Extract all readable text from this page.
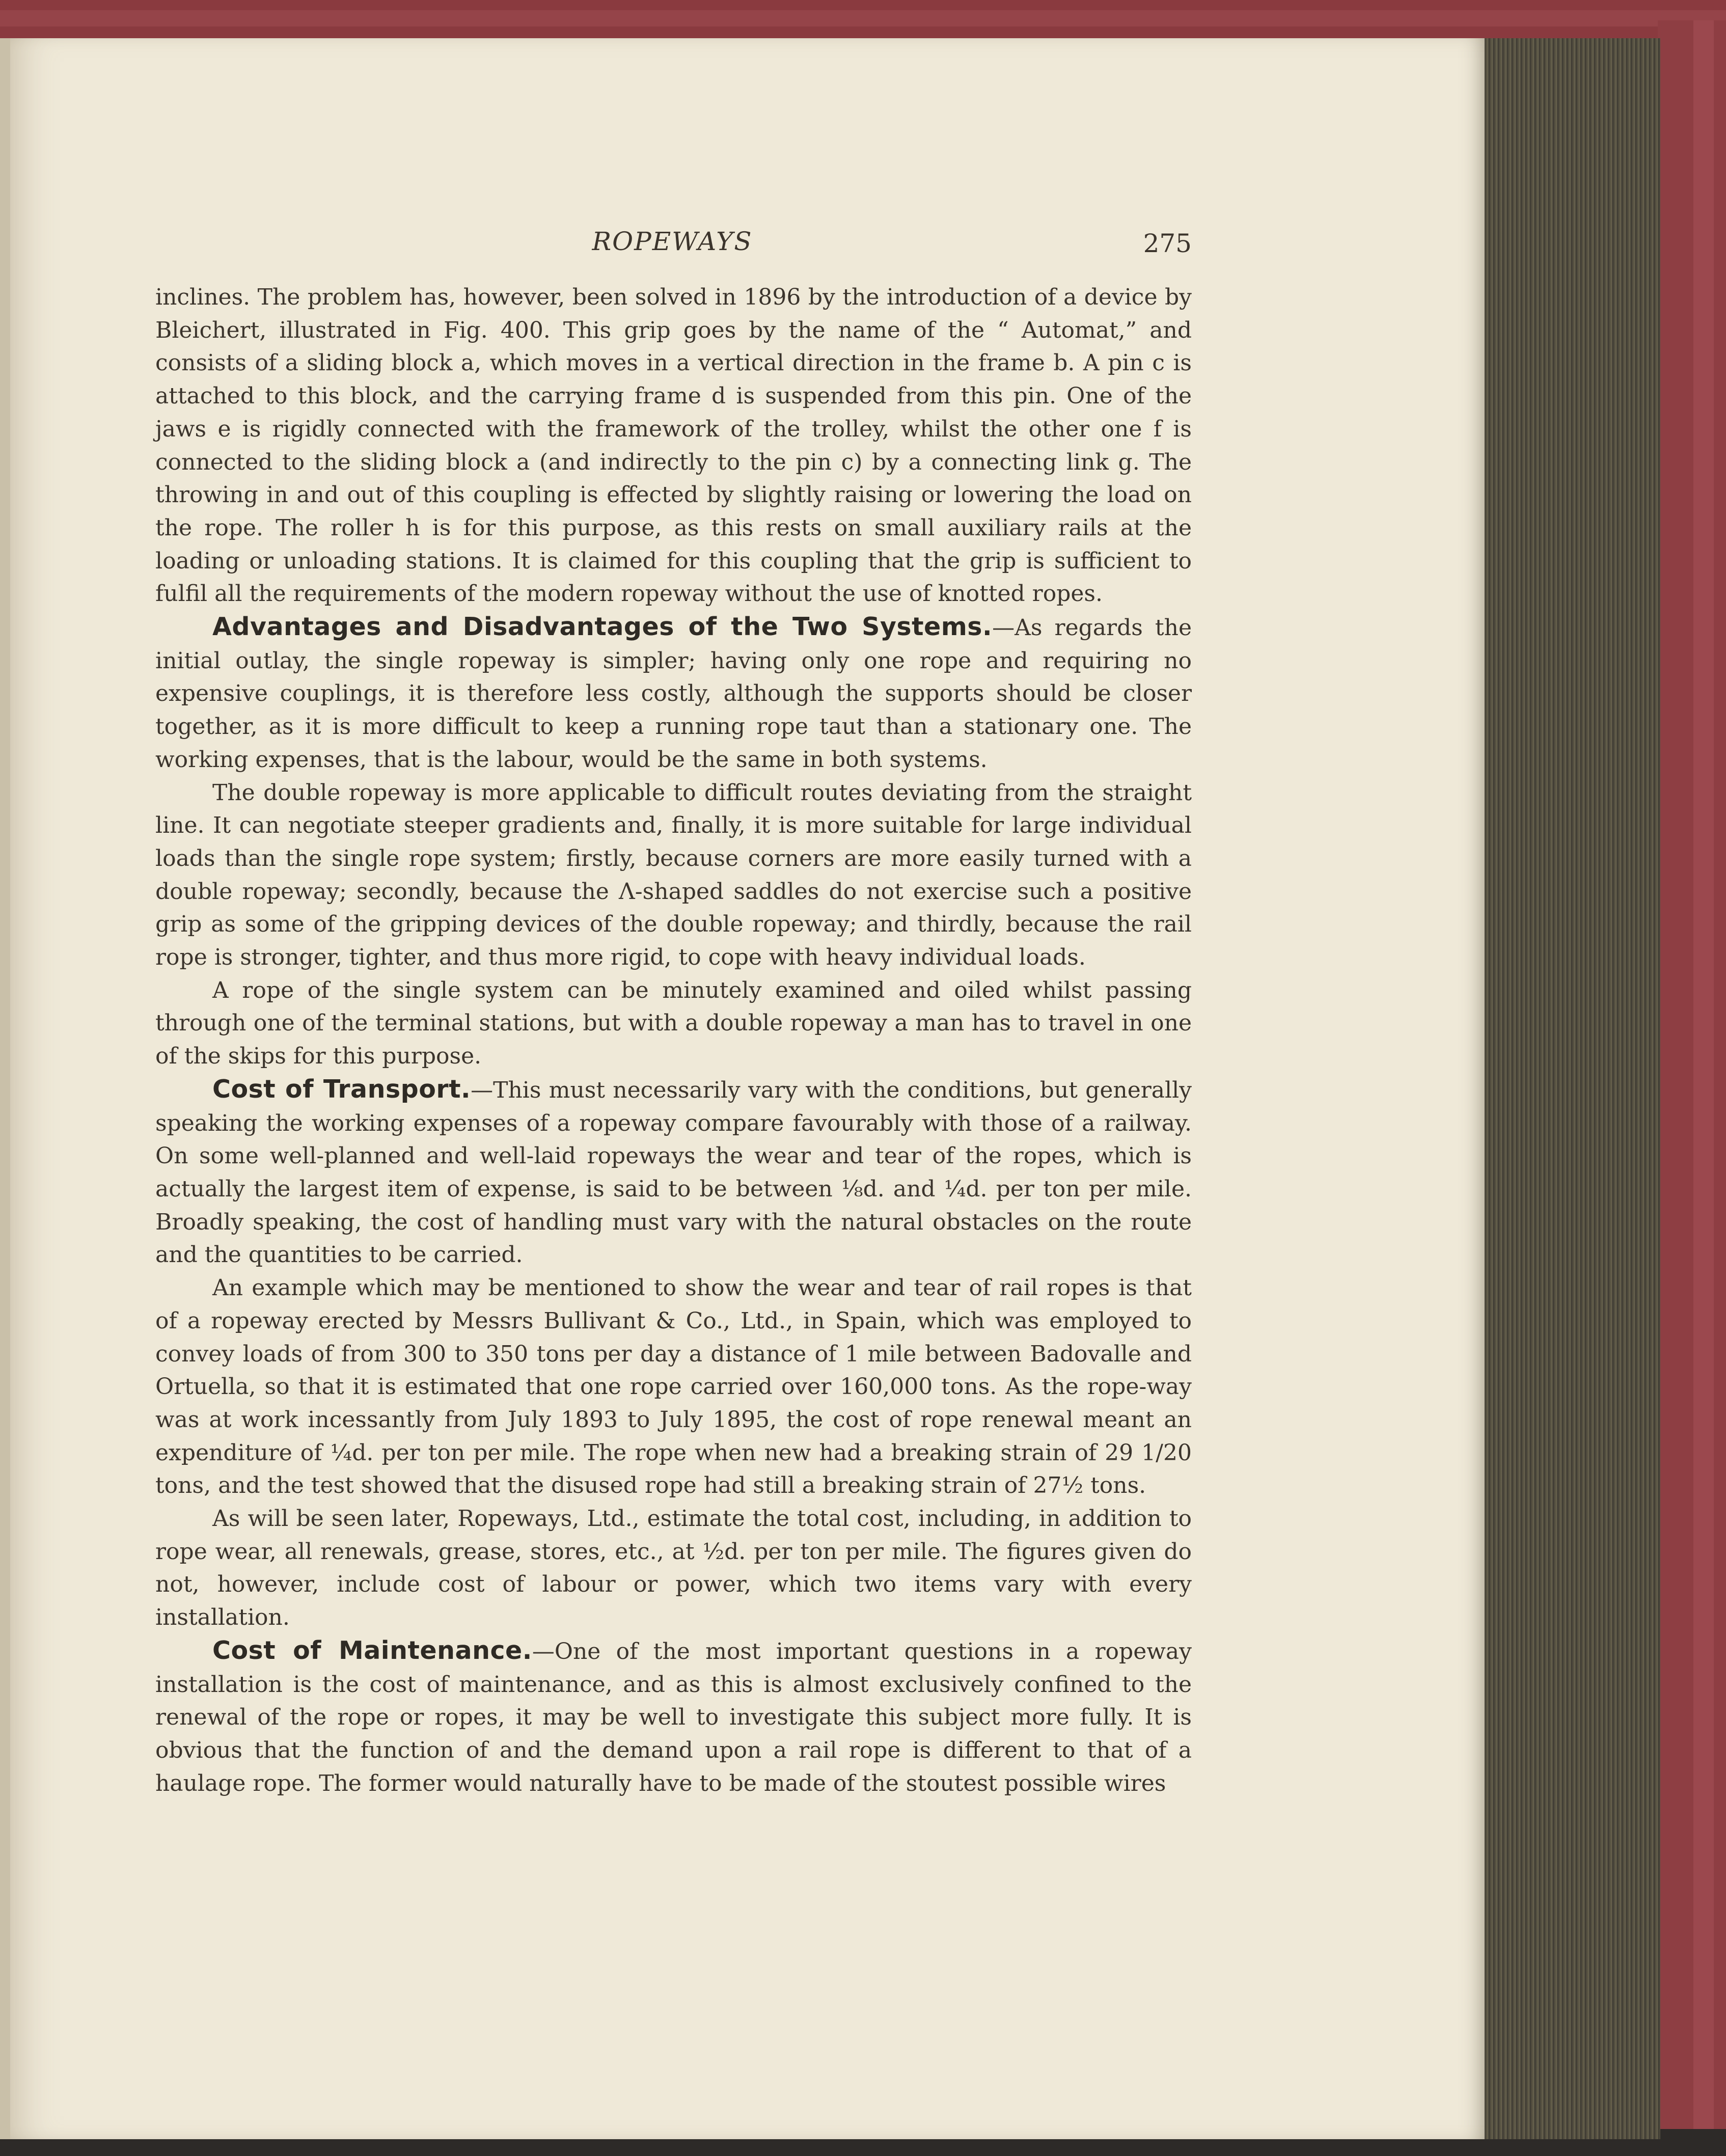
ROPEWAYS	275

inclines. The problem has, however, been solved in 1896 by the introduction of a device by Bleichert, illustrated in Fig. 400. This grip goes by the name of the “ Automat,” and consists of a sliding block a, which moves in a vertical direction in the frame b. A pin c is attached to this block, and the carrying frame d is suspended from this pin. One of the jaws e is rigidly connected with the framework of the trolley, whilst the other one f is connected to the sliding block a (and indirectly to the pin c) by a connecting link g. The throwing in and out of this coupling is effected by slightly raising or lowering the load on the rope. The roller h is for this purpose, as this rests on small auxiliary rails at the loading or unloading stations. It is claimed for this coupling that the grip is sufficient to fulfil all the requirements of the modern ropeway without the use of knotted ropes.

Advantages and Disadvantages of the Two Systems.—As regards the initial outlay, the single ropeway is simpler; having only one rope and requiring no expensive couplings, it is therefore less costly, although the supports should be closer together, as it is more difficult to keep a running rope taut than a stationary one. The working expenses, that is the labour, would be the same in both systems.

The double ropeway is more applicable to difficult routes deviating from the straight line. It can negotiate steeper gradients and, finally, it is more suitable for large individual loads than the single rope system; firstly, because corners are more easily turned with a double ropeway; secondly, because the Λ-shaped saddles do not exercise such a positive grip as some of the gripping devices of the double ropeway; and thirdly, because the rail rope is stronger, tighter, and thus more rigid, to cope with heavy individual loads.

A rope of the single system can be minutely examined and oiled whilst passing through one of the terminal stations, but with a double ropeway a man has to travel in one of the skips for this purpose.

Cost of Transport.—This must necessarily vary with the conditions, but generally speaking the working expenses of a ropeway compare favourably with those of a railway. On some well-planned and well-laid ropeways the wear and tear of the ropes, which is actually the largest item of expense, is said to be between ⅛d. and ¼d. per ton per mile. Broadly speaking, the cost of handling must vary with the natural obstacles on the route and the quantities to be carried.

An example which may be mentioned to show the wear and tear of rail ropes is that of a ropeway erected by Messrs Bullivant & Co., Ltd., in Spain, which was employed to convey loads of from 300 to 350 tons per day a distance of 1 mile between Badovalle and Ortuella, so that it is estimated that one rope carried over 160,000 tons. As the rope-way was at work incessantly from July 1893 to July 1895, the cost of rope renewal meant an expenditure of ¼d. per ton per mile. The rope when new had a breaking strain of 29 1/20 tons, and the test showed that the disused rope had still a breaking strain of 27½ tons.

As will be seen later, Ropeways, Ltd., estimate the total cost, including, in addition to rope wear, all renewals, grease, stores, etc., at ½d. per ton per mile. The figures given do not, however, include cost of labour or power, which two items vary with every installation.

Cost of Maintenance.—One of the most important questions in a ropeway installation is the cost of maintenance, and as this is almost exclusively confined to the renewal of the rope or ropes, it may be well to investigate this subject more fully. It is obvious that the function of and the demand upon a rail rope is different to that of a haulage rope. The former would naturally have to be made of the stoutest possible wires
